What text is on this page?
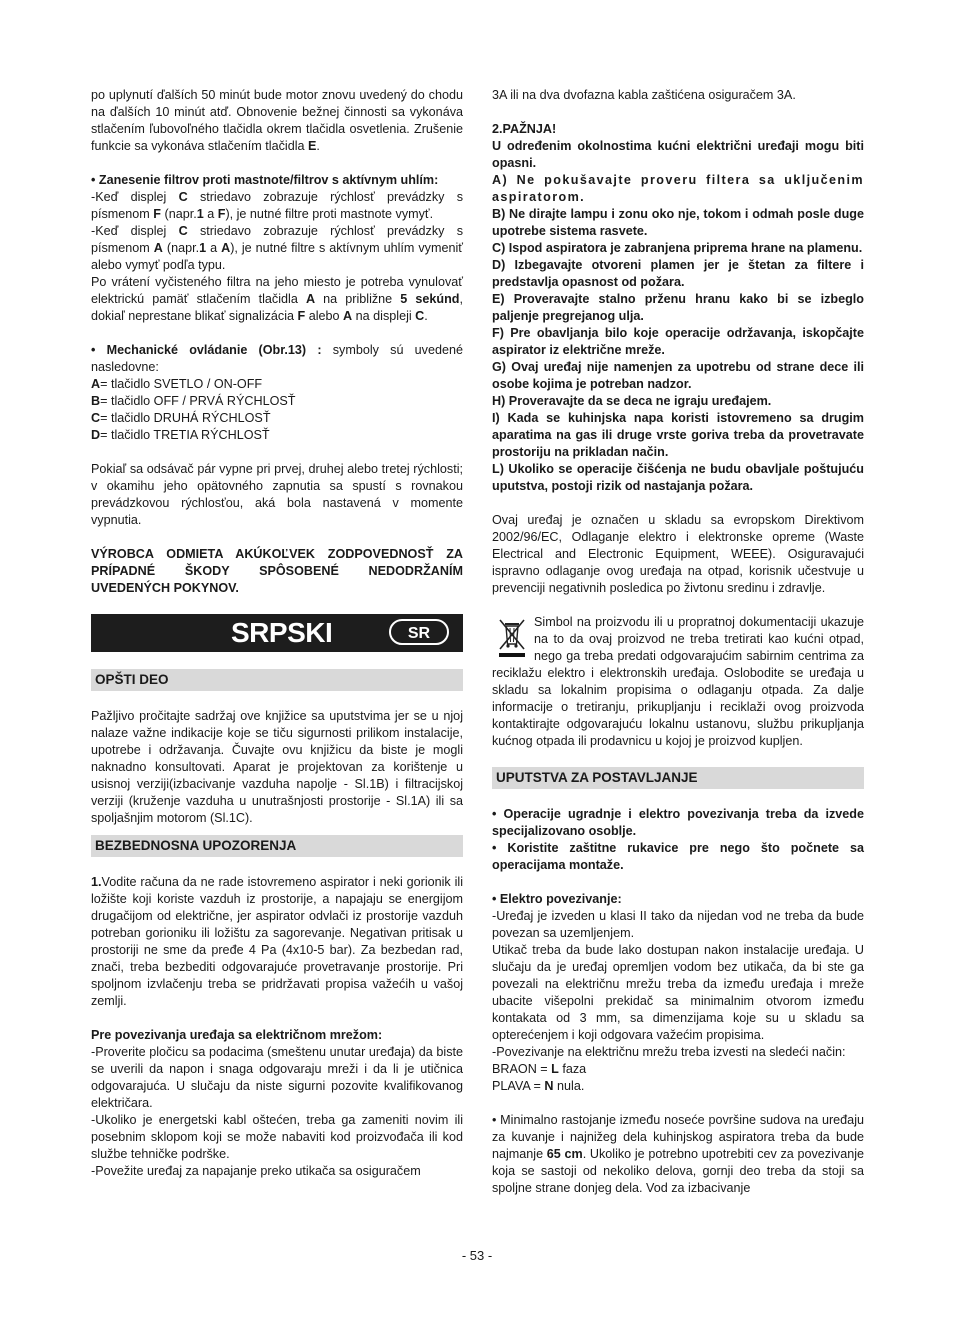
po uplynutí ďalších 50 minút bude motor znovu uvedený do chodu na ďalších 10 minút atď. Obnovenie bežnej činnosti sa vykonáva stlačením ľubovoľného tlačidla okrem tlačidla osvetlenia. Zrušenie funkcie sa vykonáva stlačením tlačidla E.

• Zanesenie filtrov proti mastnote/filtrov s aktívnym uhlím:

-Keď displej C striedavo zobrazuje rýchlosť prevádzky s písmenom F (napr.1 a F), je nutné filtre proti mastnote vymyť.

-Keď displej C striedavo zobrazuje rýchlosť prevádzky s písmenom A (napr.1 a A), je nutné filtre s aktívnym uhlím vymeniť alebo vymyť podľa typu.

Po vrátení vyčisteného filtra na jeho miesto je potreba vynulovať elektrickú pamäť stlačením tlačidla A na približne 5 sekúnd, dokiaľ neprestane blikať signalizácia F alebo A na displeji C.

• Mechanické ovládanie (Obr.13) : symboly sú uvedené nasledovne:

A= tlačidlo SVETLO / ON-OFF

B= tlačidlo OFF / PRVÁ RÝCHLOSŤ

C= tlačidlo DRUHÁ RÝCHLOSŤ

D= tlačidlo TRETIA RÝCHLOSŤ

Pokiaľ sa odsávač pár vypne pri prvej, druhej alebo tretej rýchlosti; v okamihu jeho opätovného zapnutia sa spustí s rovnakou prevádzkovou rýchlosťou, aká bola nastavená v momente vypnutia.

VÝROBCA ODMIETA AKÚKOĽVEK ZODPOVEDNOSŤ ZA PRÍPADNÉ ŠKODY SPÔSOBENÉ NEDODRŽANÍM UVEDENÝCH POKYNOV.

SRPSKI	SR
OPŠTI DEO

Pažljivo pročitajte sadržaj ove knjižice sa uputstvima jer se u njoj nalaze važne indikacije koje se tiču sigurnosti prilikom instalacije, upotrebe i održavanja. Čuvajte ovu knjižicu da biste je mogli naknadno konsultovati. Aparat je projektovan za korištenje u usisnoj verziji(izbacivanje vazduha napolje - Sl.1B) i filtracijskoj verziji (kruženje vazduha u unutrašnjosti prostorije - Sl.1A) ili sa spoljašnjim motorom (Sl.1C).

BEZBEDNOSNA UPOZORENJA

1.Vodite računa da ne rade istovremeno aspirator i neki gorionik ili ložište koji koriste vazduh iz prostorije, a napajaju se energijom drugačijom od električne, jer aspirator odvlači iz prostorije vazduh potreban gorioniku ili ložištu za sagorevanje. Negativan pritisak u prostoriji ne sme da pređe 4 Pa (4x10-5 bar). Za bezbedan rad, znači, treba bezbediti odgovarajuće provetravanje prostorije. Pri spoljnom izvlačenju treba se pridržavati propisa važećih u vašoj zemlji.

Pre povezivanja uređaja sa električnom mrežom:

-Proverite pločicu sa podacima (smeštenu unutar uređaja) da biste se uverili da napon i snaga odgovaraju mreži i da li je utičnica odgovarajuća. U slučaju da niste sigurni pozovite kvalifikovanog električara.

-Ukoliko je energetski kabl oštećen, treba ga zameniti novim ili posebnim sklopom koji se može nabaviti kod proizvođača ili kod službe tehničke podrške.

-Povežite uređaj za napajanje preko utikača sa osiguračem

3A ili na dva dvofazna kabla zaštićena osiguračem 3A.

2.PAŽNJA!

U određenim okolnostima kućni električni uređaji mogu biti opasni.

A) Ne pokušavajte proveru filtera sa uključenim aspiratorom.

B) Ne dirajte lampu i zonu oko nje, tokom i odmah posle duge upotrebe sistema rasvete.

C) Ispod aspiratora je zabranjena priprema hrane na plamenu.

D) Izbegavajte otvoreni plamen jer je štetan za filtere i predstavlja opasnost od požara.

E) Proveravajte stalno prženu hranu kako bi se izbeglo paljenje pregrejanog ulja.

F) Pre obavljanja bilo koje operacije održavanja, iskopčajte aspirator iz električne mreže.

G) Ovaj uređaj nije namenjen za upotrebu od strane dece ili osobe kojima je potreban nadzor.

H) Proveravajte da se deca ne igraju uređajem.

I) Kada se kuhinjska napa koristi istovremeno sa drugim aparatima na gas ili druge vrste goriva treba da provetravate prostoriju na prikladan način.

L) Ukoliko se operacije čišćenja ne budu obavljale poštujuću uputstva, postoji rizik od nastajanja požara.

Ovaj uređaj je označen u skladu sa evropskom Direktivom 2002/96/EC, Odlaganje elektro i elektronske opreme (Waste Electrical and Electronic Equipment, WEEE). Osiguravajući ispravno odlaganje ovog uređaja na otpad, korisnik učestvuje u prevenciji negativnih posledica po živtonu sredinu i zdravlje.

Simbol na proizvodu ili u propratnoj dokumentaciji ukazuje na to da ovaj proizvod ne treba tretirati kao kućni otpad, nego ga treba predati odgovarajućim sabirnim centrima za reciklažu elektro i elektronskih uređaja. Oslobodite se uređaja u skladu sa lokalnim propisima o odlaganju otpada. Za dalje informacije o tretiranju, prikupljanju i reciklaži ovog proizvoda kontaktirajte odgovarajuću lokalnu ustanovu, službu prikupljanja kućnog otpada ili prodavnicu u kojoj je proizvod kupljen.

UPUTSTVA ZA POSTAVLJANJE

• Operacije ugradnje i elektro povezivanja treba da izvede specijalizovano osoblje.

• Koristite zaštitne rukavice pre nego što počnete sa operacijama montaže.

• Elektro povezivanje:

-Uređaj je izveden u klasi II tako da nijedan vod ne treba da bude povezan sa uzemljenjem.

Utikač treba da bude lako dostupan nakon instalacije uređaja. U slučaju da je uređaj opremljen vodom bez utikača, da bi ste ga povezali na električnu mrežu treba da između uređaja i mreže ubacite višepolni prekidač sa minimalnim otvorom između kontakata od 3 mm, sa dimenzijama koje su u skladu sa opterećenjem i koji odgovara važećim propisima.

-Povezivanje na električnu mrežu treba izvesti na sledeći način:

BRAON = L faza

PLAVA = N nula.

• Minimalno rastojanje između noseće površine sudova na uređaju za kuvanje i najnižeg dela kuhinjskog aspiratora treba da bude najmanje 65 cm. Ukoliko je potrebno upotrebiti cev za povezivanje koja se sastoji od nekoliko delova, gornji deo treba da stoji sa spoljne strane donjeg dela. Vod za izbacivanje

- 53 -
